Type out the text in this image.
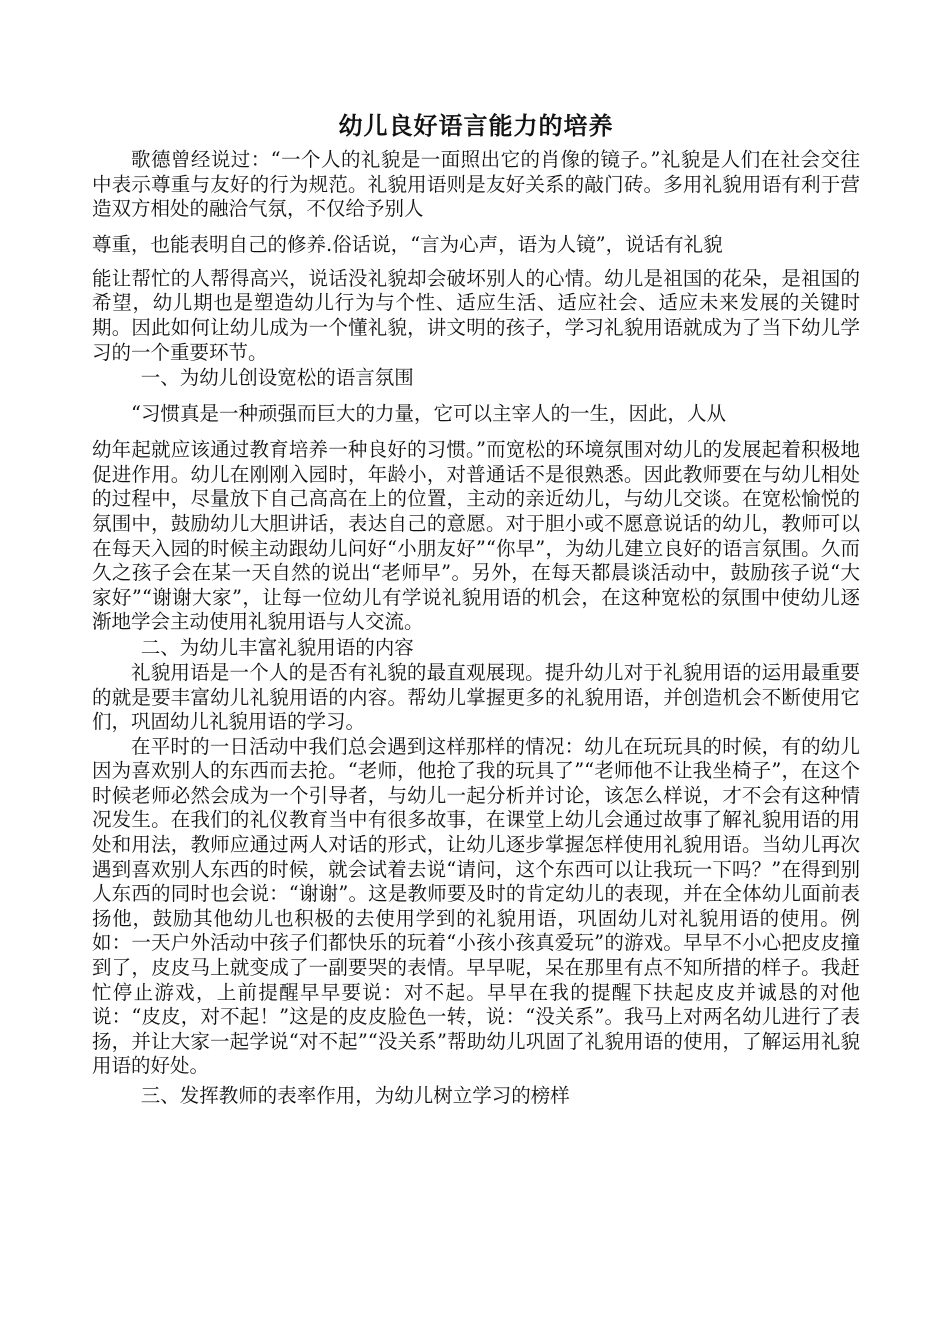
幼儿良好语言能力的培养

歌德曾经说过：“一个人的礼貌是一面照出它的肖像的镜子。”礼貌是人们在社会交往中表示尊重与友好的行为规范。礼貌用语则是友好关系的敲门砖。多用礼貌用语有利于营造双方相处的融洽气氛，不仅给予别人

尊重，也能表明自己的修养.俗话说，“言为心声，语为人镜”，说话有礼貌

能让帮忙的人帮得高兴，说话没礼貌却会破坏别人的心情。幼儿是祖国的花朵，是祖国的希望，幼儿期也是塑造幼儿行为与个性、适应生活、适应社会、适应未来发展的关键时期。因此如何让幼儿成为一个懂礼貌，讲文明的孩子，学习礼貌用语就成为了当下幼儿学习的一个重要环节。

一、为幼儿创设宽松的语言氛围

“习惯真是一种顽强而巨大的力量，它可以主宰人的一生，因此，人从

幼年起就应该通过教育培养一种良好的习惯。”而宽松的环境氛围对幼儿的发展起着积极地促进作用。幼儿在刚刚入园时，年龄小，对普通话不是很熟悉。因此教师要在与幼儿相处的过程中，尽量放下自己高高在上的位置，主动的亲近幼儿，与幼儿交谈。在宽松愉悦的氛围中，鼓励幼儿大胆讲话，表达自己的意愿。对于胆小或不愿意说话的幼儿，教师可以在每天入园的时候主动跟幼儿问好“小朋友好”“你早”，为幼儿建立良好的语言氛围。久而久之孩子会在某一天自然的说出“老师早”。另外，在每天都晨谈活动中，鼓励孩子说“大家好”“谢谢大家”，让每一位幼儿有学说礼貌用语的机会，在这种宽松的氛围中使幼儿逐渐地学会主动使用礼貌用语与人交流。

二、为幼儿丰富礼貌用语的内容

礼貌用语是一个人的是否有礼貌的最直观展现。提升幼儿对于礼貌用语的运用最重要的就是要丰富幼儿礼貌用语的内容。帮幼儿掌握更多的礼貌用语，并创造机会不断使用它们，巩固幼儿礼貌用语的学习。

在平时的一日活动中我们总会遇到这样那样的情况：幼儿在玩玩具的时候，有的幼儿因为喜欢别人的东西而去抢。“老师，他抢了我的玩具了”“老师他不让我坐椅子”，在这个时候老师必然会成为一个引导者，与幼儿一起分析并讨论，该怎么样说，才不会有这种情况发生。在我们的礼仪教育当中有很多故事，在课堂上幼儿会通过故事了解礼貌用语的用处和用法，教师应通过两人对话的形式，让幼儿逐步掌握怎样使用礼貌用语。当幼儿再次遇到喜欢别人东西的时候，就会试着去说“请问，这个东西可以让我玩一下吗？”在得到别人东西的同时也会说：“谢谢”。这是教师要及时的肯定幼儿的表现，并在全体幼儿面前表扬他，鼓励其他幼儿也积极的去使用学到的礼貌用语，巩固幼儿对礼貌用语的使用。例如：一天户外活动中孩子们都快乐的玩着“小孩小孩真爱玩”的游戏。早早不小心把皮皮撞到了，皮皮马上就变成了一副要哭的表情。早早呢，呆在那里有点不知所措的样子。我赶忙停止游戏，上前提醒早早要说：对不起。早早在我的提醒下扶起皮皮并诚恳的对他说：“皮皮，对不起！”这是的皮皮脸色一转，说：“没关系”。我马上对两名幼儿进行了表扬，并让大家一起学说“对不起”“没关系”帮助幼儿巩固了礼貌用语的使用，了解运用礼貌用语的好处。

三、发挥教师的表率作用，为幼儿树立学习的榜样
